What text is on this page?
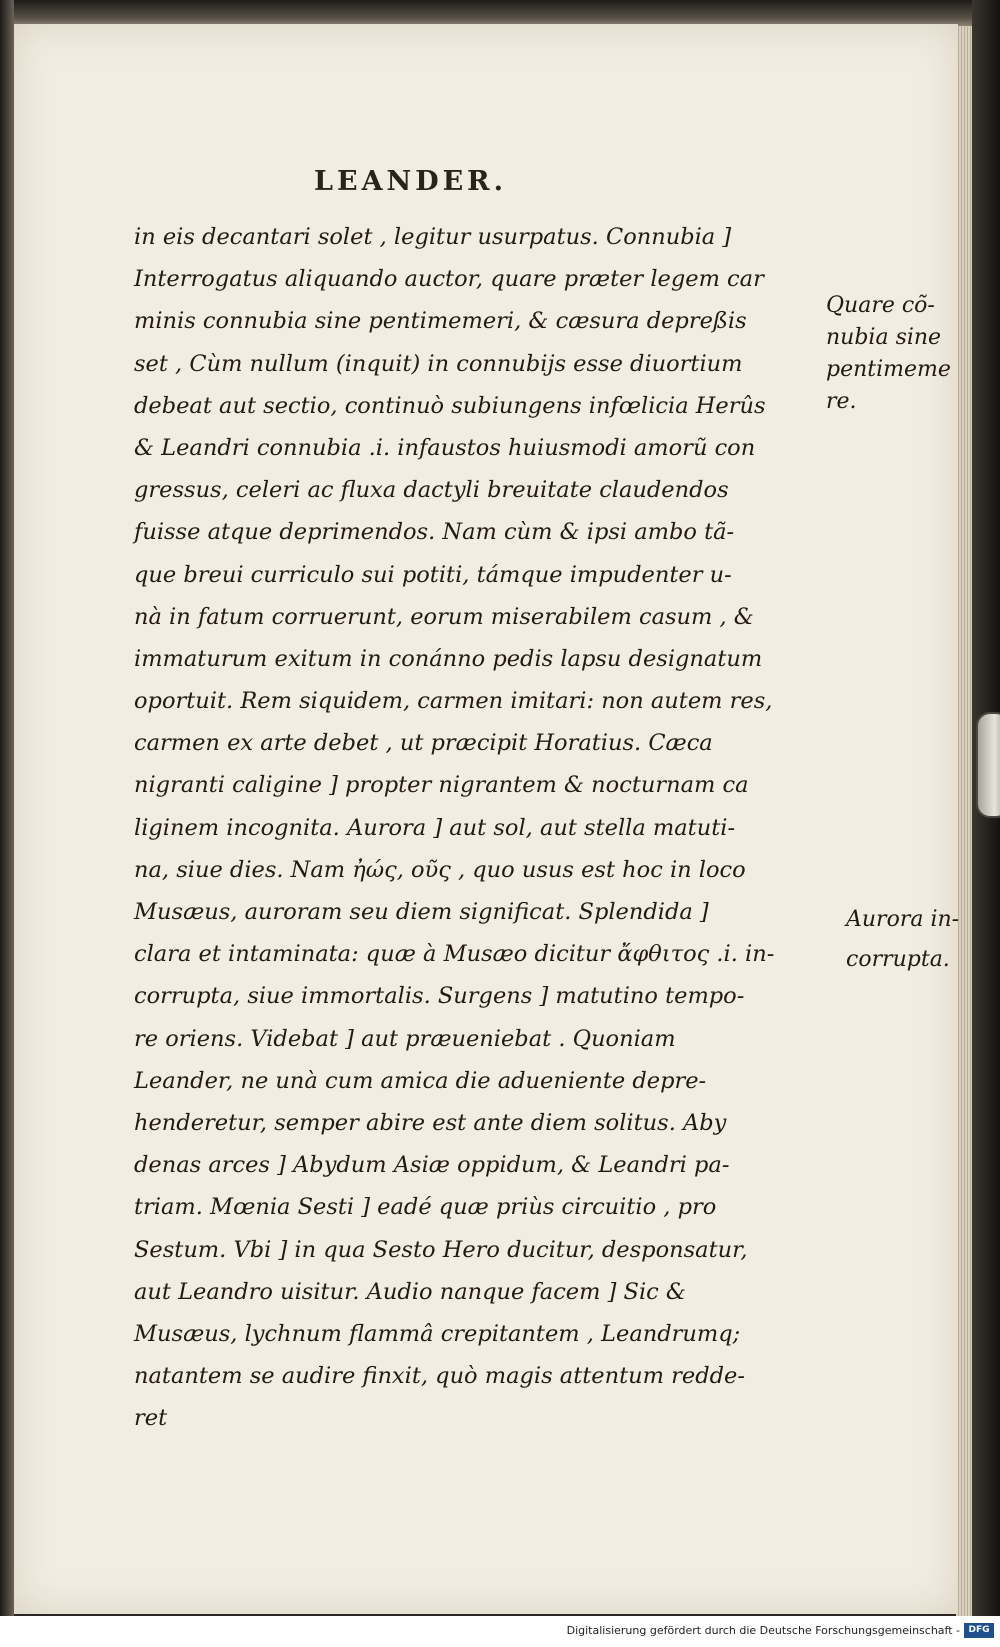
LEANDER.
in eis decantari solet , legitur usurpatus. Connubia ]
Interrogatus aliquando auctor, quare præter legem car
minis connubia sine pentimemeri, & cæsura depreßis
set , Cùm nullum (inquit) in connubijs esse diuortium
debeat aut sectio, continuò subiungens infœlicia Herûs
& Leandri connubia .i. infaustos huiusmodi amorũ con
gressus, celeri ac fluxa dactyli breuitate claudendos
fuisse atque deprimendos. Nam cùm & ipsi ambo tã-
que breui curriculo sui potiti, támque impudenter u-
nà in fatum corruerunt, eorum miserabilem casum , &
immaturum exitum in conánno pedis lapsu designatum
oportuit. Rem siquidem, carmen imitari: non autem res,
carmen ex arte debet , ut præcipit Horatius. Cæca
nigranti caligine ] propter nigrantem & nocturnam ca
liginem incognita. Aurora ] aut sol, aut stella matuti-
na, siue dies. Nam ἠώς, οῦς , quo usus est hoc in loco
Musæus, auroram seu diem significat. Splendida ]
clara et intaminata: quæ à Musæo dicitur ἄφθιτος .i. in-
corrupta, siue immortalis. Surgens ] matutino tempo-
re oriens. Videbat ] aut præueniebat . Quoniam
Leander, ne unà cum amica die adueniente depre-
henderetur, semper abire est ante diem solitus. Aby
denas arces ] Abydum Asiæ oppidum, & Leandri pa-
triam. Mœnia Sesti ] eadé quæ priùs circuitio , pro
Sestum. Vbi ] in qua Sesto Hero ducitur, desponsatur,
aut Leandro uisitur. Audio nanque facem ] Sic &
Musæus, lychnum flammâ crepitantem , Leandrumq;
natantem se audire finxit, quò magis attentum redde-
ret
Quare cõ-
nubia sine
pentimeme
re.
Aurora in-
corrupta.
Digitalisierung gefördert durch die Deutsche Forschungsgemeinschaft - DFG
